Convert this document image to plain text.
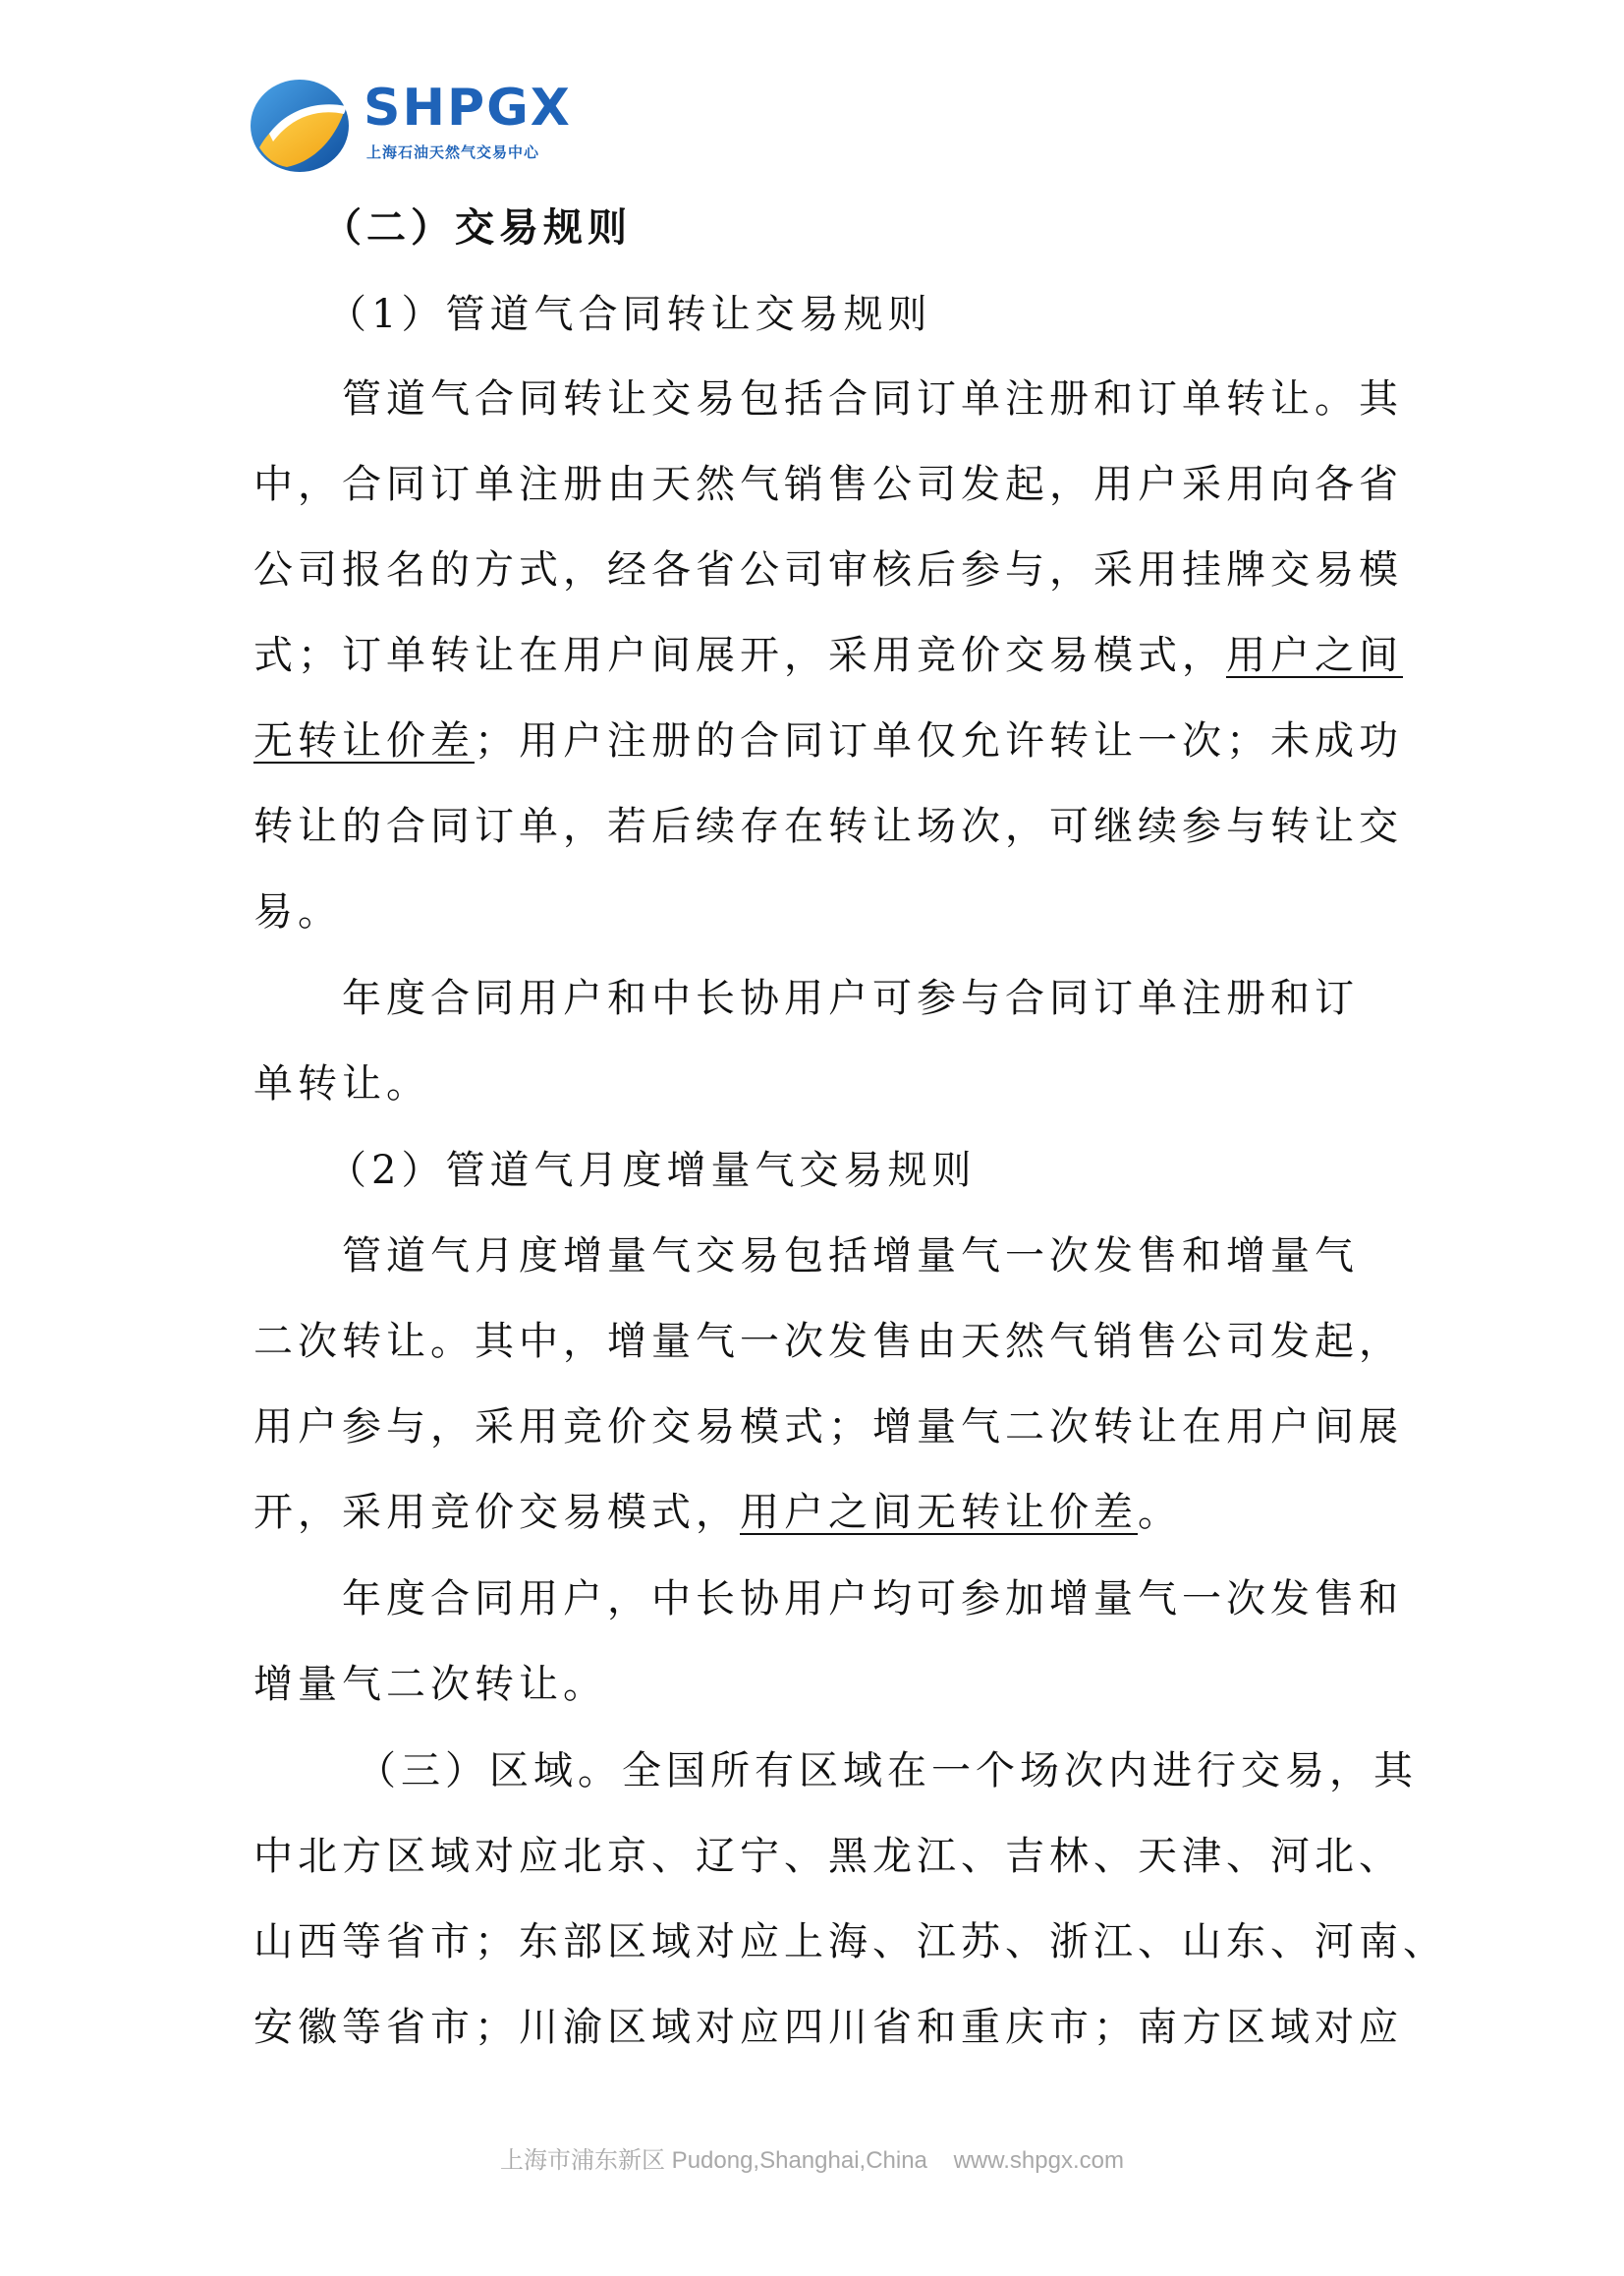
SHPGX
上海石油天然气交易中心
（二）交易规则
（1）管道气合同转让交易规则
管道气合同转让交易包括合同订单注册和订单转让。其
中，合同订单注册由天然气销售公司发起，用户采用向各省
公司报名的方式，经各省公司审核后参与，采用挂牌交易模
式；订单转让在用户间展开，采用竞价交易模式，用户之间
无转让价差；用户注册的合同订单仅允许转让一次；未成功
转让的合同订单，若后续存在转让场次，可继续参与转让交
易。
年度合同用户和中长协用户可参与合同订单注册和订
单转让。
（2）管道气月度增量气交易规则
管道气月度增量气交易包括增量气一次发售和增量气
二次转让。其中，增量气一次发售由天然气销售公司发起，
用户参与，采用竞价交易模式；增量气二次转让在用户间展
开，采用竞价交易模式，用户之间无转让价差。
年度合同用户，中长协用户均可参加增量气一次发售和
增量气二次转让。
（三）区域。全国所有区域在一个场次内进行交易，其
中北方区域对应北京、辽宁、黑龙江、吉林、天津、河北、
山西等省市；东部区域对应上海、江苏、浙江、山东、河南、
安徽等省市；川渝区域对应四川省和重庆市；南方区域对应
上海市浦东新区 Pudong,Shanghai,China www.shpgx.com
